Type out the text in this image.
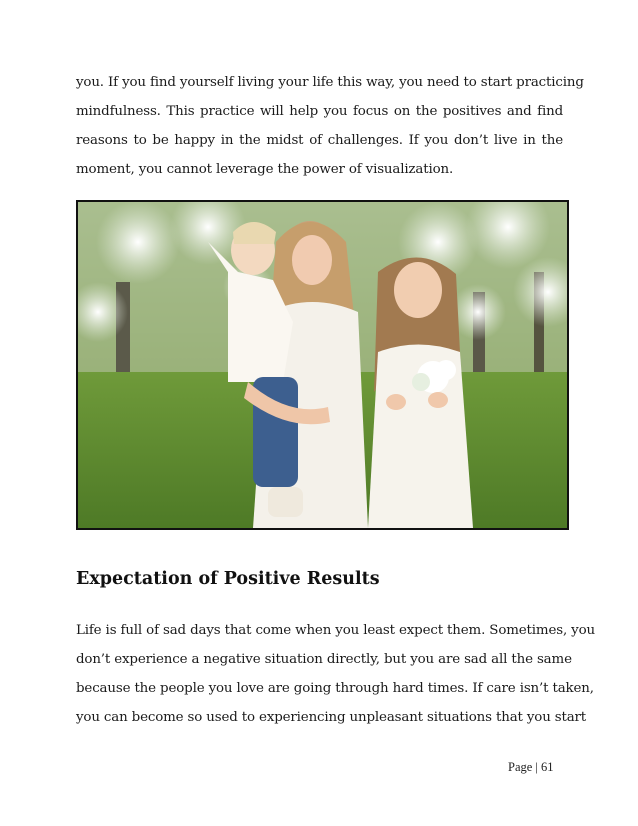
you. If you find yourself living your life this way, you need to start practicing
mindfulness. This practice will help you focus on the positives and find
reasons to be happy in the midst of challenges. If you don’t live in the
moment, you cannot leverage the power of visualization.
Expectation of Positive Results
Life is full of sad days that come when you least expect them. Sometimes, you
don’t experience a negative situation directly, but you are sad all the same
because the people you love are going through hard times. If care isn’t taken,
you can become so used to experiencing unpleasant situations that you start
Page | 61
